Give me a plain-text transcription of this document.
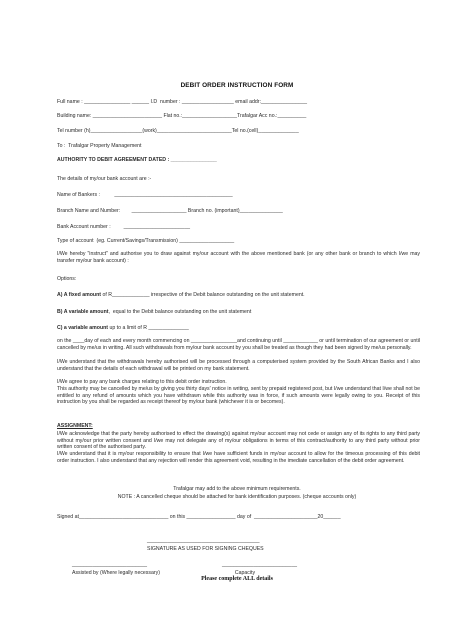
DEBIT ORDER INSTRUCTION FORM
Full name : ________________ ______ I.D  number : __________________ email addr:________________
Building name: ________________________ Flat no.:___________________Trafalgar Acc no.:__________
Tel number (h)__________________(work)__________________________Tel no.(cell)______________
To :  Trafalgar Property Management
AUTHORITY TO DEBIT AGREEMENT DATED : ________________
The details of my/our bank account are :-
Name of Bankers :          _________________________________________
Branch Name and Number:        ___________________ Branch no. (important)_______________
Bank Account number :         _______________________
Type of account  (eg. Current/Savings/Transmission) ___________________
I/We hereby "instruct" and authorise you to draw against my/our account with the above mentioned bank (or any other bank or branch to which I/we may transfer my/our bank account) :
Options:
A) A fixed amount of R_____________ irrespective of the Debit balance outstanding on the unit statement.
B) A variable amount,  equal to the Debit balance outstanding on the unit statement
C) a variable amount up to a limit of R ______________
on the ____day of each and every month commencing on ________________and continuing until ____________ or until termination of our agreement or until cancelled by me/us in writing. All such withdrawals from my/our bank account by you shall be treated as though they had been signed by me/us personally.
I/We understand that the withdrawals hereby authorised will be processed through a computerised system provided by the South African Banks and I also understand that the details of each withdrawal will be printed on my bank statement.
I/We agree to pay any bank charges relating to this debit order instruction.
This authority may be cancelled by me/us by giving you thirty days' notice in writing, sent by prepaid registered post, but I/we understand that I/we shall not be entitled to any refund of amounts which you have withdrawn while this authority was in force, if such amounts were legally owing to you. Receipt of this instruction by you shall be regarded as receipt thereof by my/our bank (whichever it is or becomes).
ASSIGNMENT:
I/We acknowledge that the party hereby authorised to effect the drawing(s) against my/our account may not cede or assign any of its rights to any third party without my/our prior written consent and I/we may not delegate any of my/our obligations in terms of this contract/authority to any third party without prior written consent of the authorised party.
I/We understand that it is my/our responsibility to ensure that I/we have sufficient funds in my/our account to allow for the timeous processing of this debit order instruction. I also understand that any rejection will render this agreement void, resulting in the imediate cancellation of the debit order agreement.
Trafalgar may add to the above minimum requirements.
NOTE : A cancelled cheque should be attached for bank identification purposes. (cheque accounts only)
Signed at_______________________________ on this _________________ day of  ______________________20______
_______________________________________
SIGNATURE AS USED FOR SIGNING CHEQUES
__________________________                                                    __________________________
Assisted by (Where legally necessary)                                                    Capacity
Please complete ALL details
